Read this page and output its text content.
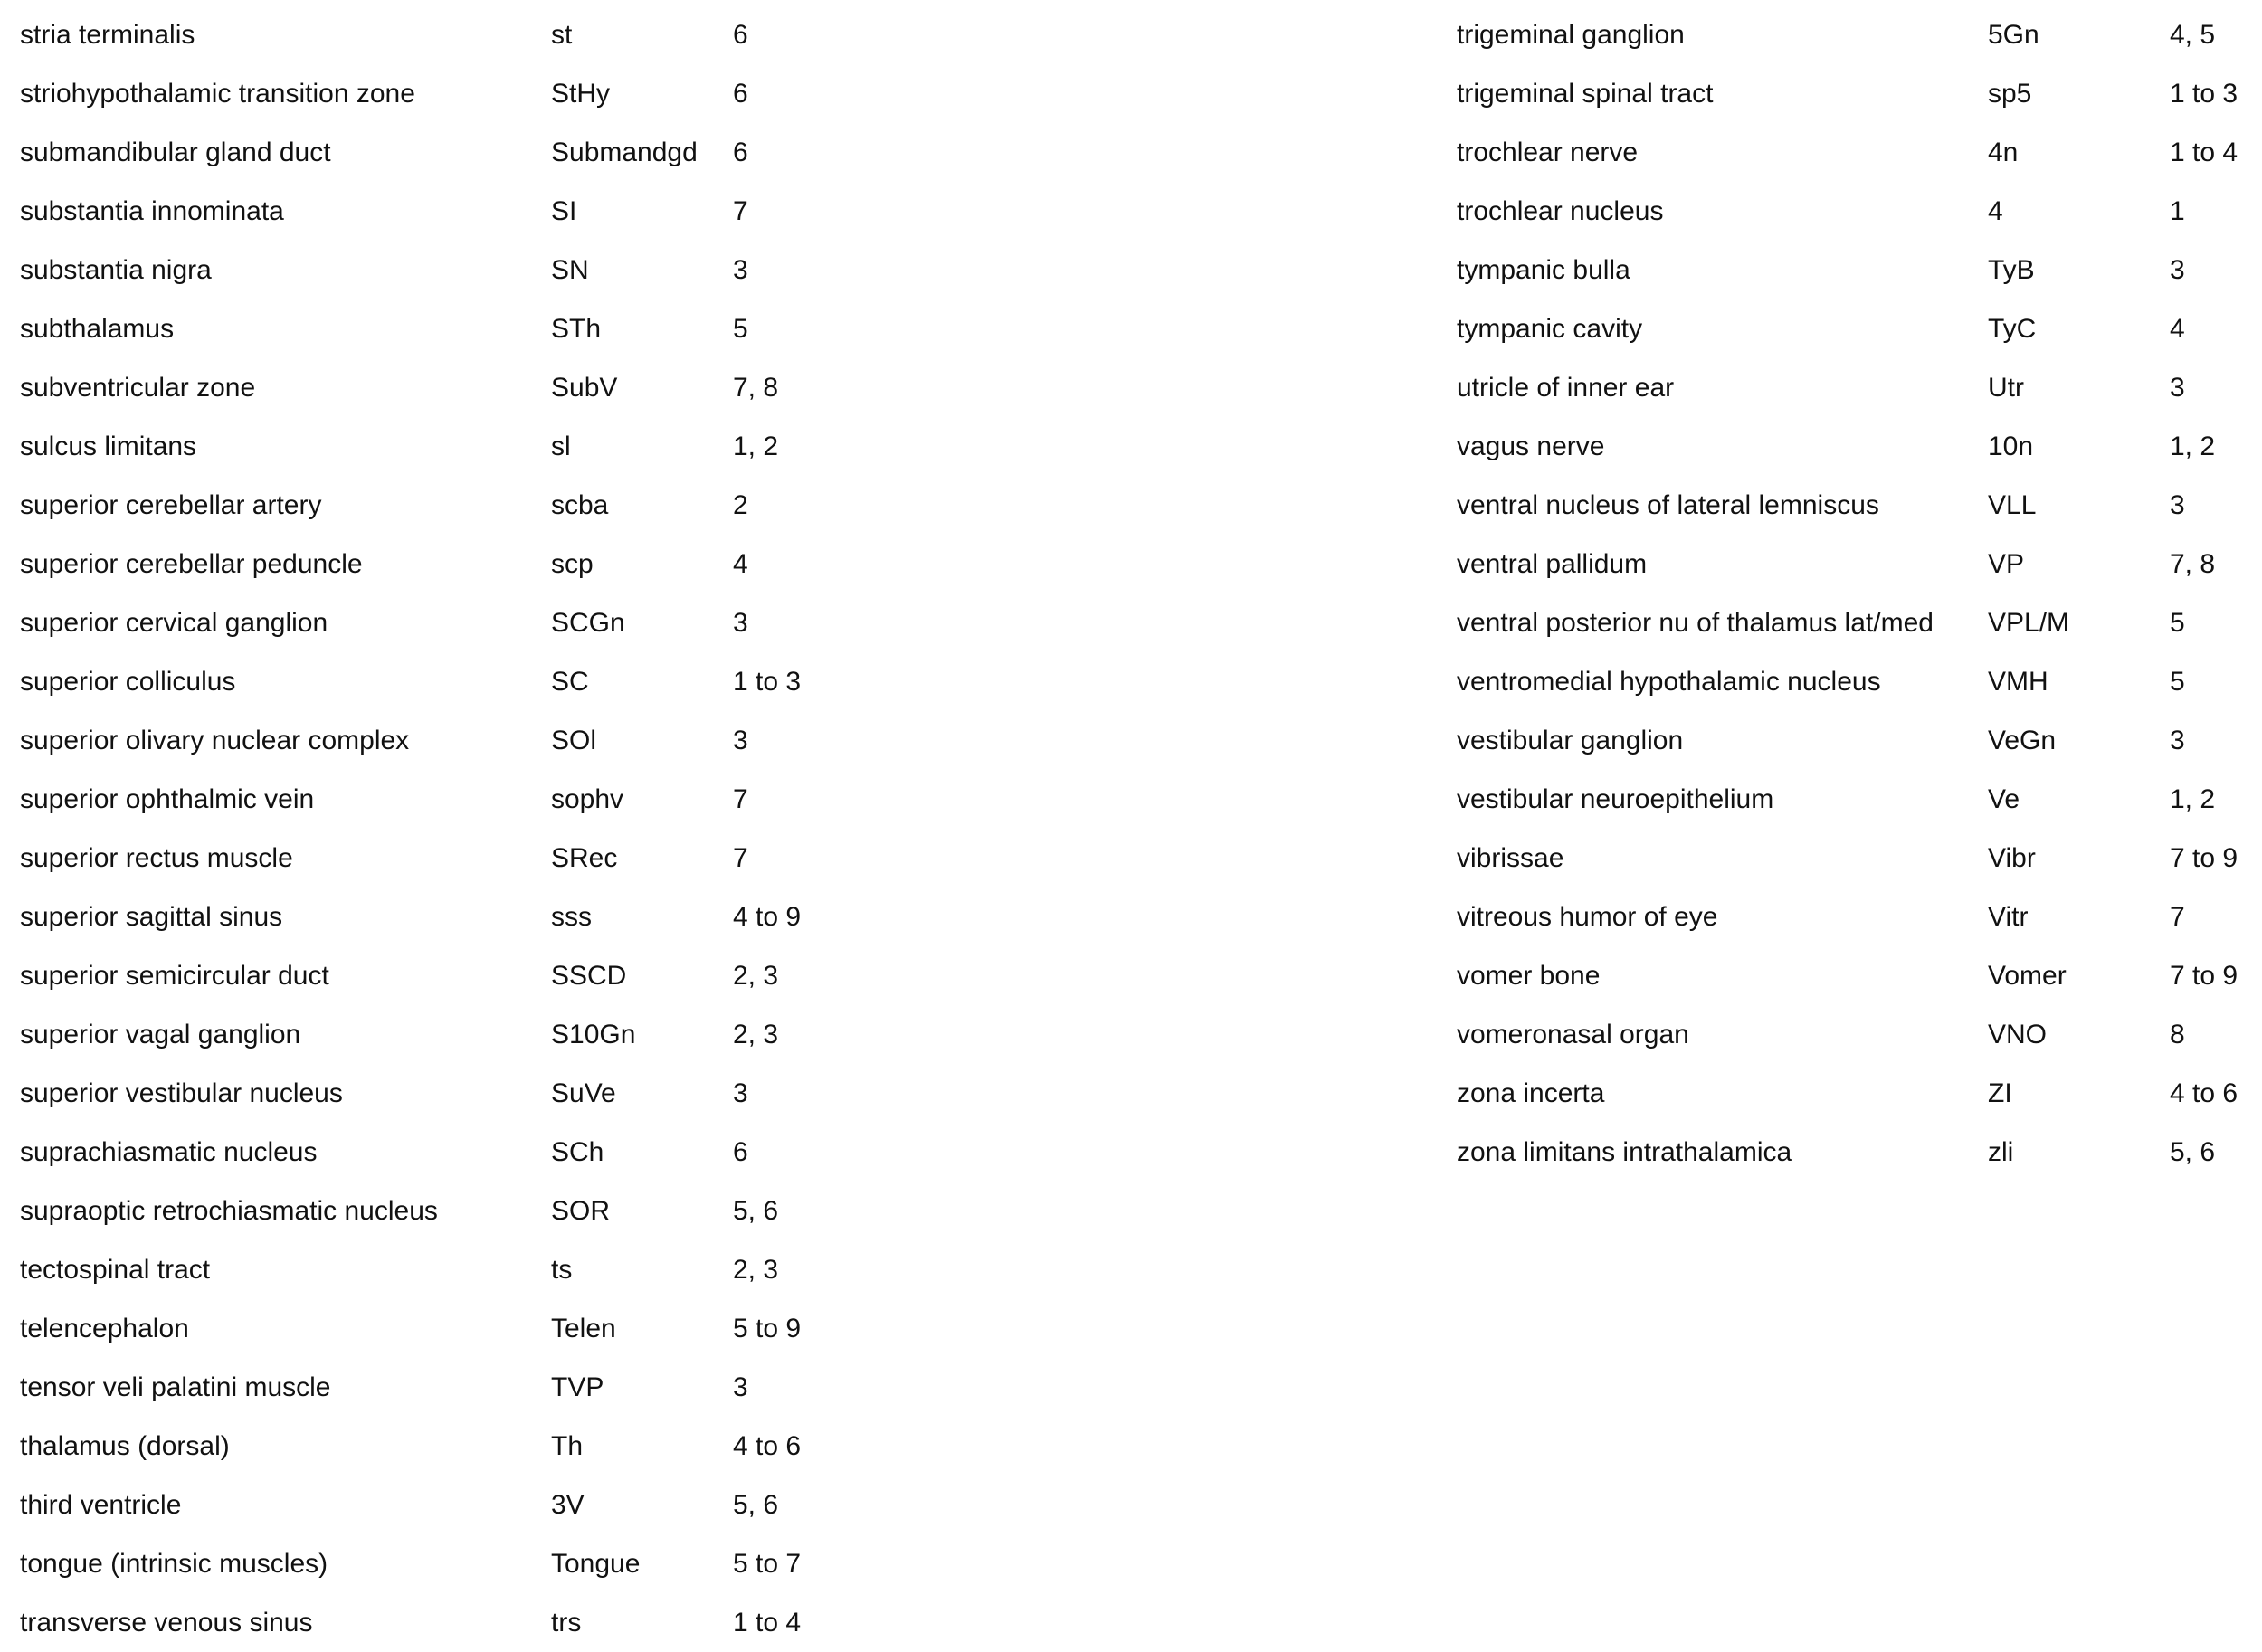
stria terminalis	st	6
striohypothalamic transition zone	StHy	6
submandibular gland duct	Submandgd	6
substantia innominata	SI	7
substantia nigra	SN	3
subthalamus	STh	5
subventricular zone	SubV	7, 8
sulcus limitans	sl	1, 2
superior cerebellar artery	scba	2
superior cerebellar peduncle	scp	4
superior cervical ganglion	SCGn	3
superior colliculus	SC	1 to 3
superior olivary nuclear complex	SOl	3
superior ophthalmic vein	sophv	7
superior rectus muscle	SRec	7
superior sagittal sinus	sss	4 to 9
superior semicircular duct	SSCD	2, 3
superior vagal ganglion	S10Gn	2, 3
superior vestibular nucleus	SuVe	3
suprachiasmatic nucleus	SCh	6
supraoptic retrochiasmatic nucleus	SOR	5, 6
tectospinal tract	ts	2, 3
telencephalon	Telen	5 to 9
tensor veli palatini muscle	TVP	3
thalamus (dorsal)	Th	4 to 6
third ventricle	3V	5, 6
tongue (intrinsic muscles)	Tongue	5 to 7
transverse venous sinus	trs	1 to 4
trigeminal ganglion	5Gn	4, 5
trigeminal spinal tract	sp5	1 to 3
trochlear nerve	4n	1 to 4
trochlear nucleus	4	1
tympanic bulla	TyB	3
tympanic cavity	TyC	4
utricle of inner ear	Utr	3
vagus nerve	10n	1, 2
ventral nucleus of lateral lemniscus	VLL	3
ventral pallidum	VP	7, 8
ventral posterior nu of thalamus lat/med	VPL/M	5
ventromedial hypothalamic nucleus	VMH	5
vestibular ganglion	VeGn	3
vestibular neuroepithelium	Ve	1, 2
vibrissae	Vibr	7 to 9
vitreous humor of eye	Vitr	7
vomer bone	Vomer	7 to 9
vomeronasal organ	VNO	8
zona incerta	ZI	4 to 6
zona limitans intrathalamica	zli	5, 6
